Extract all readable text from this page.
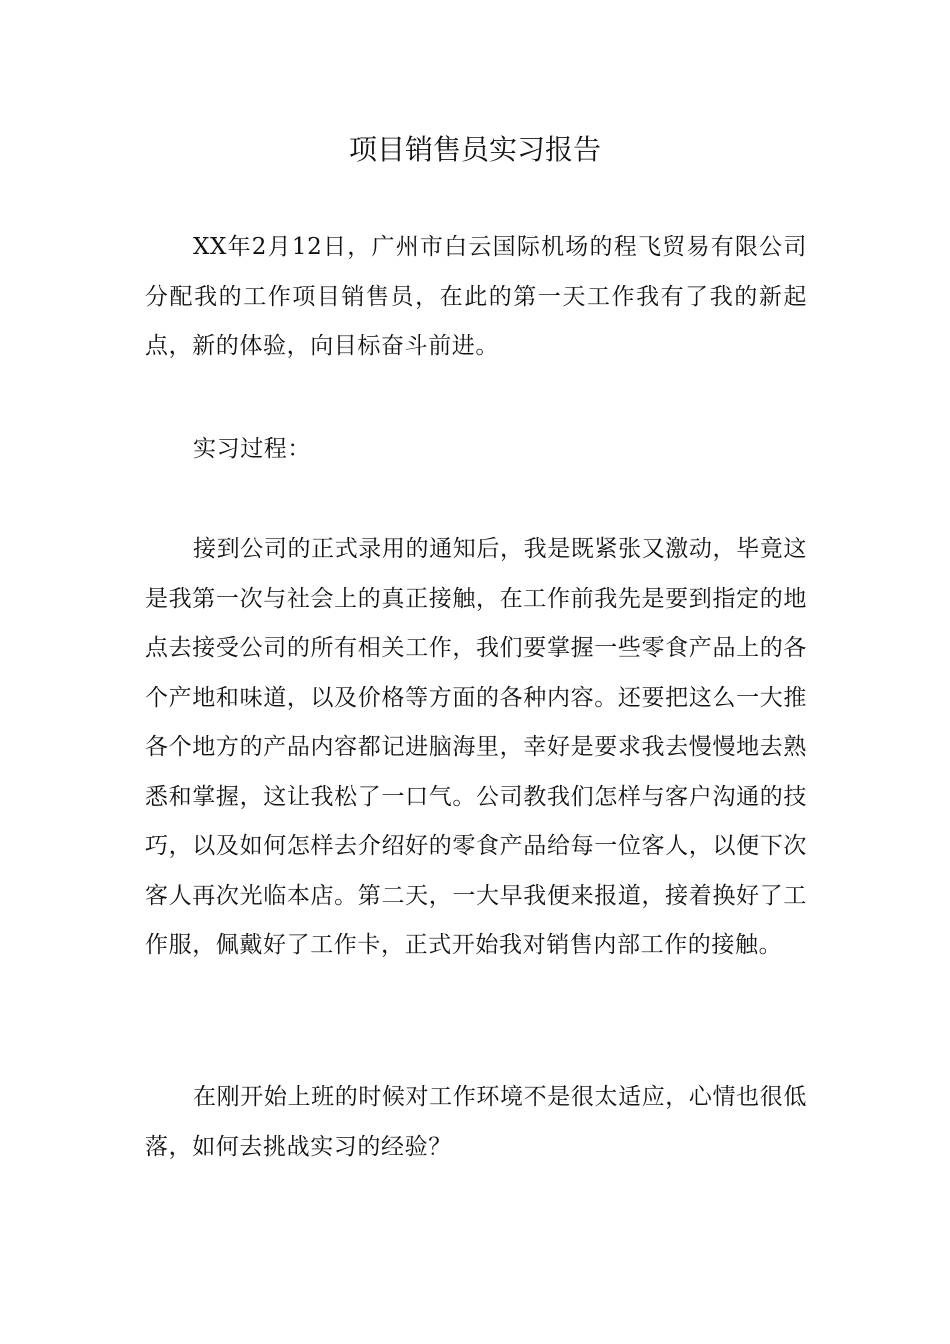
项目销售员实习报告

XX年2月12日，广州市白云国际机场的程飞贸易有限公司分配我的工作项目销售员，在此的第一天工作我有了我的新起点，新的体验，向目标奋斗前进。

实习过程：

接到公司的正式录用的通知后，我是既紧张又激动，毕竟这是我第一次与社会上的真正接触，在工作前我先是要到指定的地点去接受公司的所有相关工作，我们要掌握一些零食产品上的各个产地和味道，以及价格等方面的各种内容。还要把这么一大推各个地方的产品内容都记进脑海里，幸好是要求我去慢慢地去熟悉和掌握，这让我松了一口气。公司教我们怎样与客户沟通的技巧，以及如何怎样去介绍好的零食产品给每一位客人，以便下次客人再次光临本店。第二天，一大早我便来报道，接着换好了工作服，佩戴好了工作卡，正式开始我对销售内部工作的接触。

在刚开始上班的时候对工作环境不是很太适应，心情也很低落，如何去挑战实习的经验？
